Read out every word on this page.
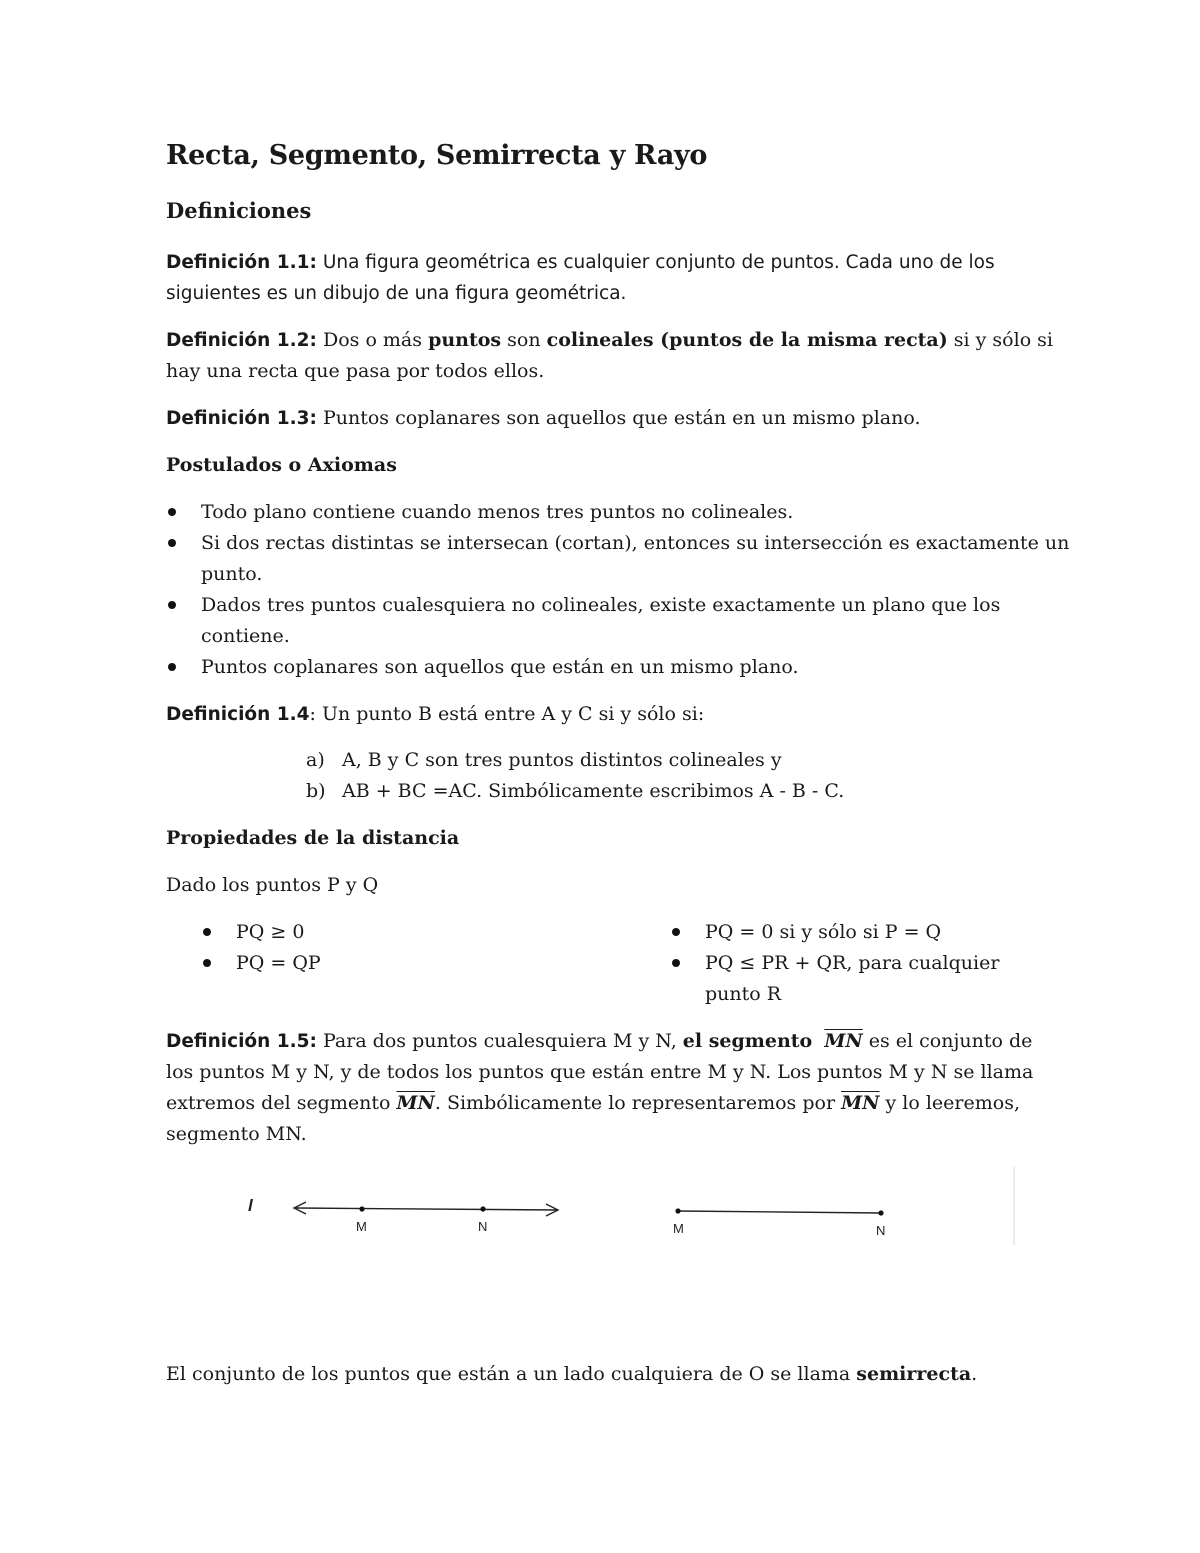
Recta, Segmento, Semirrecta y Rayo
Definiciones
Definición 1.1: Una figura geométrica es cualquier conjunto de puntos. Cada uno de los
siguientes es un dibujo de una figura geométrica.
Definición 1.2: Dos o más puntos son colineales (puntos de la misma recta) si y sólo si
hay una recta que pasa por todos ellos.
Definición 1.3: Puntos coplanares son aquellos que están en un mismo plano.
Postulados o Axiomas
Todo plano contiene cuando menos tres puntos no colineales.
Si dos rectas distintas se intersecan (cortan), entonces su intersección es exactamente un
punto.
Dados tres puntos cualesquiera no colineales, existe exactamente un plano que los
contiene.
Puntos coplanares son aquellos que están en un mismo plano.
Definición 1.4: Un punto B está entre A y C si y sólo si:
a) A, B y C son tres puntos distintos colineales y
b) AB + BC =AC. Simbólicamente escribimos A - B - C.
Propiedades de la distancia
Dado los puntos P y Q
PQ ≥ 0
PQ = QP
PQ = 0 si y sólo si P = Q
PQ ≤ PR + QR, para cualquier
punto R
Definición 1.5: Para dos puntos cualesquiera M y N, el segmento $\overline{MN}$ es el conjunto de
los puntos M y N, y de todos los puntos que están entre M y N. Los puntos M y N se llama
extremos del segmento $\overline{MN}$. Simbólicamente lo representaremos por $\overline{MN}$ y lo leeremos,
segmento MN.
l
M	N	M	N
El conjunto de los puntos que están a un lado cualquiera de O se llama semirrecta.
